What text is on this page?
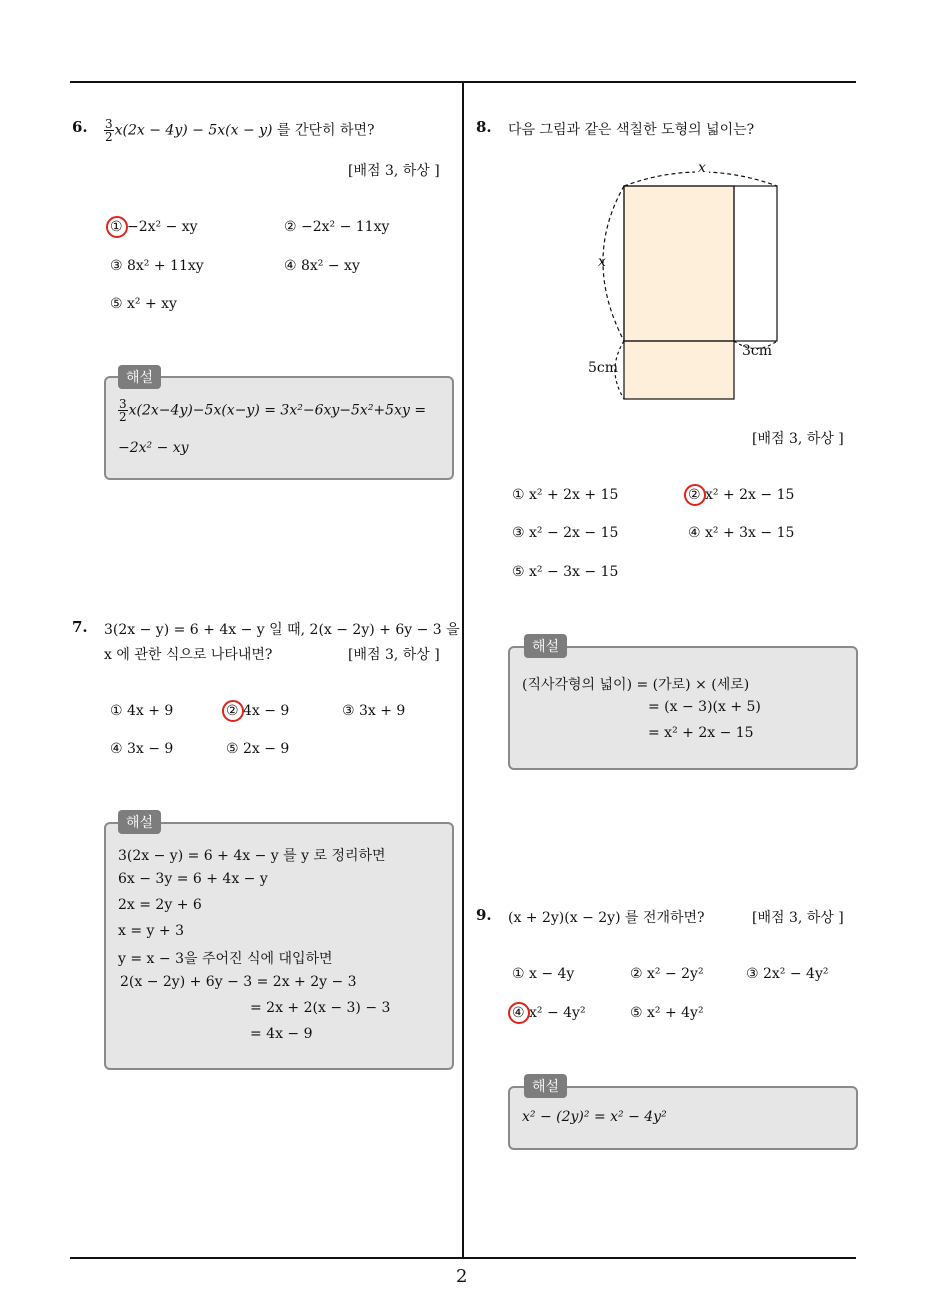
2
6. $\frac{3}{2} x(2x - 4y) - 5x(x - y)$ 를 간단히 하면?
[배점 3, 하상 ]
① −2x² − xy	② −2x² − 11xy
③ 8x² + 11xy	④ 8x² − xy
⑤ x² + xy
해설
$\frac{3}{2} x(2x-4y)-5x(x-y) = 3x^2-6xy-5x^2+5xy$ =
−2x² − xy
7. 3(2x − y) = 6 + 4x − y 일 때, 2(x − 2y) + 6y − 3 을
x 에 관한 식으로 나타내면?	[배점 3, 하상 ]
① 4x + 9	② 4x − 9	③ 3x + 9
④ 3x − 9	⑤ 2x − 9
해설
3(2x − y) = 6 + 4x − y 를 y 로 정리하면
6x − 3y = 6 + 4x − y
2x = 2y + 6
x = y + 3
y = x − 3을 주어진 식에 대입하면
2(x − 2y) + 6y − 3 = 2x + 2y − 3
= 2x + 2(x − 3) − 3
= 4x − 9
8. 다음 그림과 같은 색칠한 도형의 넓이는?
x
x
3cm
5cm
[배점 3, 하상 ]
① x² + 2x + 15	② x² + 2x − 15
③ x² − 2x − 15	④ x² + 3x − 15
⑤ x² − 3x − 15
해설
(직사각형의 넓이) = (가로) × (세로)
= (x − 3)(x + 5)
= x² + 2x − 15
9. (x + 2y)(x − 2y) 를 전개하면?	[배점 3, 하상 ]
① x − 4y	② x² − 2y²	③ 2x² − 4y²
④ x² − 4y²	⑤ x² + 4y²
해설
x² − (2y)² = x² − 4y²
